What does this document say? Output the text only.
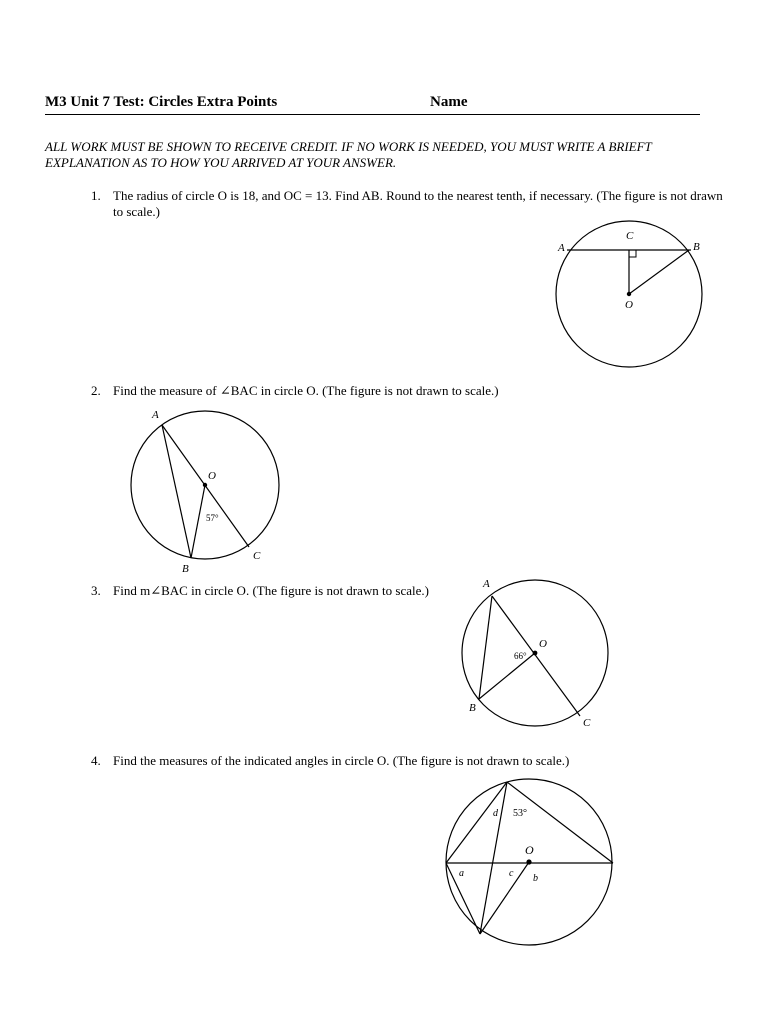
M3 Unit 7 Test: Circles Extra Points	Name
ALL WORK MUST BE SHOWN TO RECEIVE CREDIT. IF NO WORK IS NEEDED, YOU MUST WRITE A BRIEFT EXPLANATION AS TO HOW YOU ARRIVED AT YOUR ANSWER.
1. The radius of circle O is 18, and OC = 13. Find AB. Round to the nearest tenth, if necessary. (The figure is not drawn to scale.)
A	B
C
O
2. Find the measure of ∠BAC in circle O. (The figure is not drawn to scale.)
A
B
C
O
57°
3. Find m∠BAC in circle O. (The figure is not drawn to scale.)	A
B
C
O
66°
4. Find the measures of the indicated angles in circle O. (The figure is not drawn to scale.)
O
53°
d
a	b
c
